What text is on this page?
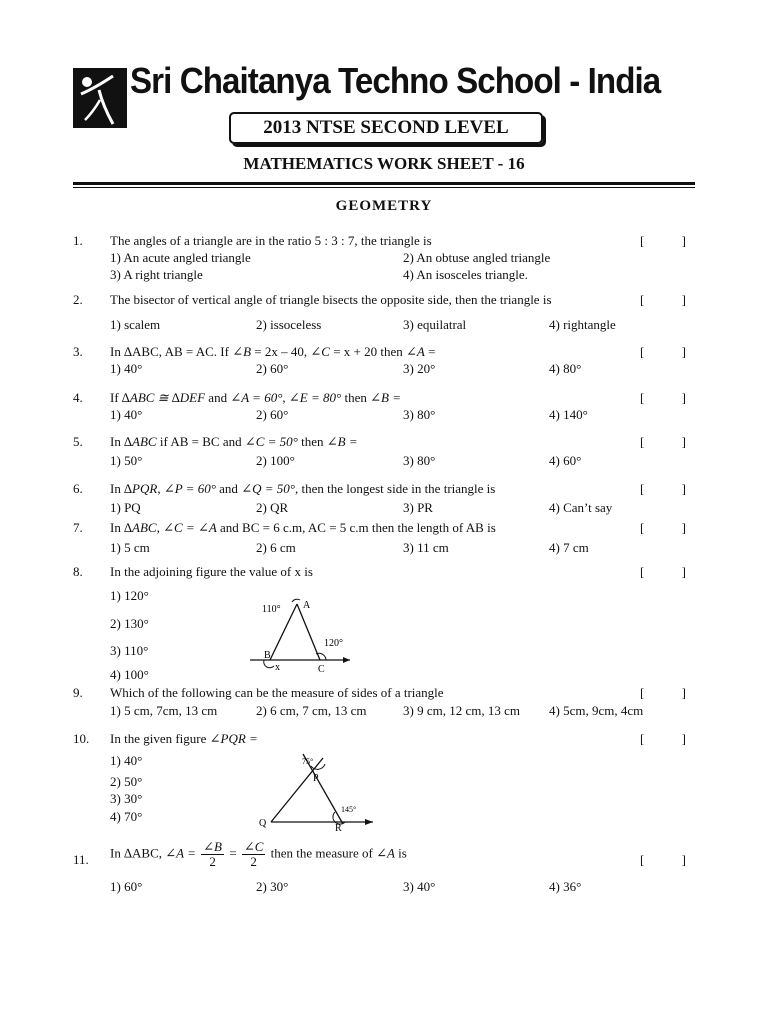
Sri Chaitanya Techno School - India
2013 NTSE SECOND LEVEL
MATHEMATICS WORK SHEET - 16
GEOMETRY
1.	The angles of a triangle are in the ratio 5 : 3 : 7, the triangle is	[	]
1) An acute angled triangle	2) An obtuse angled triangle
3) A right triangle	4) An isosceles triangle.
2.	The bisector of vertical angle of triangle bisects the opposite side, then the triangle is	[	]
1) scalem	2) issoceless	3) equilatral	4) rightangle
3.	In ∆ABC, AB = AC. If ∠B = 2x – 40, ∠C = x + 20 then ∠A =	[	]
1) 40°	2) 60°	3) 20°	4) 80°
4.	If ∆ABC ≅ ∆DEF and ∠A = 60°, ∠E = 80° then ∠B =	[	]
1) 40°	2) 60°	3) 80°	4) 140°
5.	In ∆ABC if AB = BC and ∠C = 50° then ∠B =	[	]
1) 50°	2) 100°	3) 80°	4) 60°
6.	In ∆PQR, ∠P = 60° and ∠Q = 50°, then the longest side in the triangle is	[	]
1) PQ	2) QR	3) PR	4) Can’t say
7.	In ∆ABC, ∠C = ∠A and BC = 6 c.m, AC = 5 c.m then the length of AB is	[	]
1) 5 cm	2) 6 cm	3) 11 cm	4) 7 cm
8.	In the adjoining figure the value of x is	[	]
1) 120°
2) 130°
3) 110°
4) 100°
110° A
120°
B
C
x
9.	Which of the following can be the measure of sides of a triangle	[	]
1) 5 cm, 7cm, 13 cm	2) 6 cm, 7 cm, 13 cm	3) 9 cm, 12 cm, 13 cm 4) 5cm, 9cm, 4cm
10.	In the given figure ∠PQR =	[	]
1) 40°
2) 50°
3) 30°
4) 70°
75°
P
145°
Q	R
11.	In ∆ABC, ∠A = $\frac{\angle B}{2} = \frac{\angle C}{2}$ then the measure of ∠A is	[	]
1) 60°	2) 30°	3) 40°	4) 36°
